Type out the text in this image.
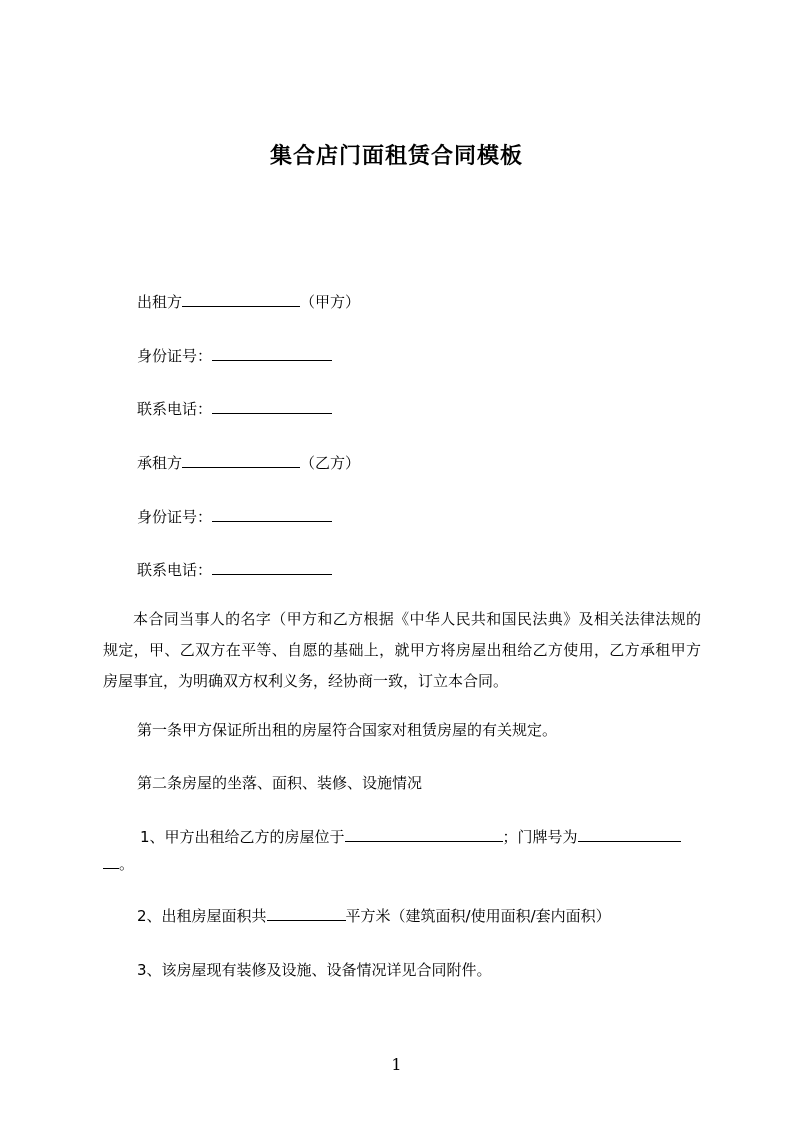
集合店门面租赁合同模板

出租方	（甲方）

身份证号：

联系电话：

承租方	（乙方）

身份证号：

联系电话：

本合同当事人的名字（甲方和乙方根据《中华人民共和国民法典》及相关法律法规的规定，甲、乙双方在平等、自愿的基础上，就甲方将房屋出租给乙方使用，乙方承租甲方房屋事宜，为明确双方权利义务，经协商一致，订立本合同。

第一条甲方保证所出租的房屋符合国家对租赁房屋的有关规定。

第二条房屋的坐落、面积、装修、设施情况

1、甲方出租给乙方的房屋位于	；门牌号为

。

2、出租房屋面积共	平方米（建筑面积/使用面积/套内面积）

3、该房屋现有装修及设施、设备情况详见合同附件。

1
